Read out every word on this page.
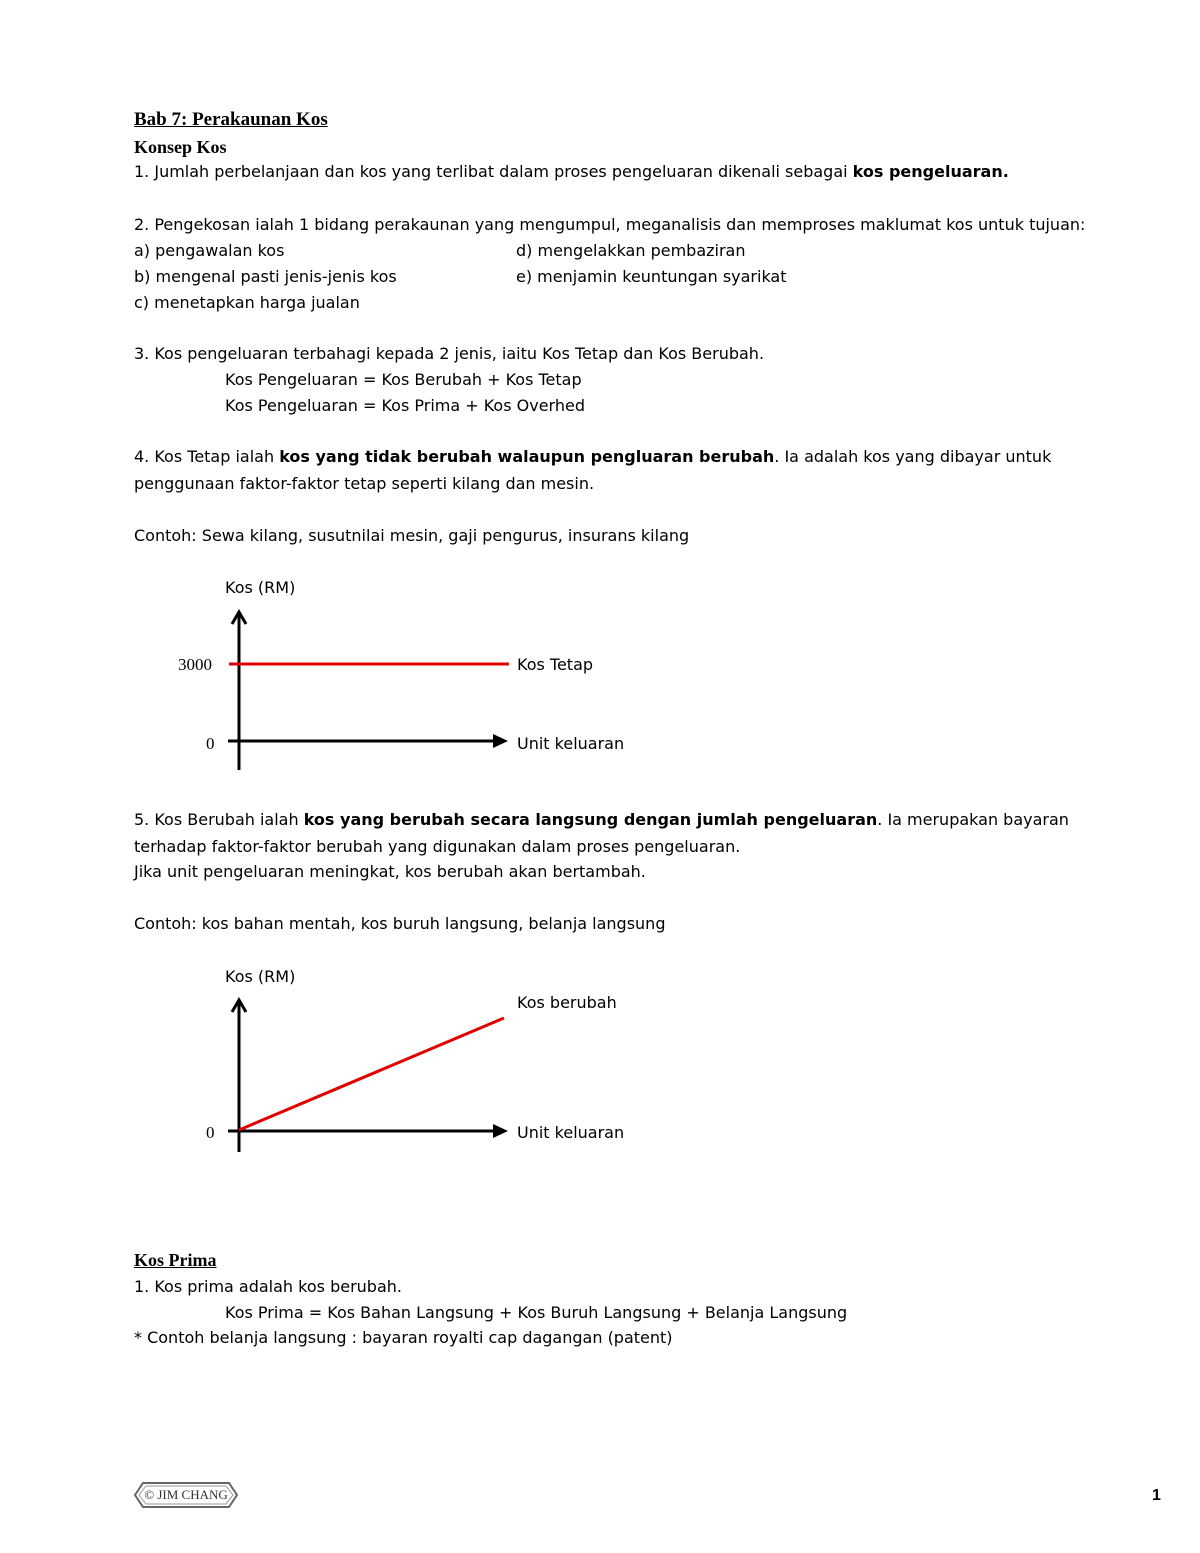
Bab 7: Perakaunan Kos
Konsep Kos
1. Jumlah perbelanjaan dan kos yang terlibat dalam proses pengeluaran dikenali sebagai kos pengeluaran.
2. Pengekosan ialah 1 bidang perakaunan yang mengumpul, meganalisis dan memproses maklumat kos untuk tujuan:
a) pengawalan kos
b) mengenal pasti jenis-jenis kos
c) menetapkan harga jualan
d) mengelakkan pembaziran
e) menjamin keuntungan syarikat
3. Kos pengeluaran terbahagi kepada 2 jenis, iaitu Kos Tetap dan Kos Berubah.
Kos Pengeluaran = Kos Berubah + Kos Tetap
Kos Pengeluaran = Kos Prima + Kos Overhed
4. Kos Tetap ialah kos yang tidak berubah walaupun pengluaran berubah. Ia adalah kos yang dibayar untuk
penggunaan faktor-faktor tetap seperti kilang dan mesin.
Contoh: Sewa kilang, susutnilai mesin, gaji pengurus, insurans kilang
Kos (RM)
3000
0
Kos Tetap
Unit keluaran
5. Kos Berubah ialah kos yang berubah secara langsung dengan jumlah pengeluaran. Ia merupakan bayaran
terhadap faktor-faktor berubah yang digunakan dalam proses pengeluaran.
Jika unit pengeluaran meningkat, kos berubah akan bertambah.
Contoh: kos bahan mentah, kos buruh langsung, belanja langsung
Kos (RM)
0
Kos berubah
Unit keluaran
Kos Prima
1. Kos prima adalah kos berubah.
Kos Prima = Kos Bahan Langsung + Kos Buruh Langsung + Belanja Langsung
* Contoh belanja langsung : bayaran royalti cap dagangan (patent)
© JIM CHANG	1
